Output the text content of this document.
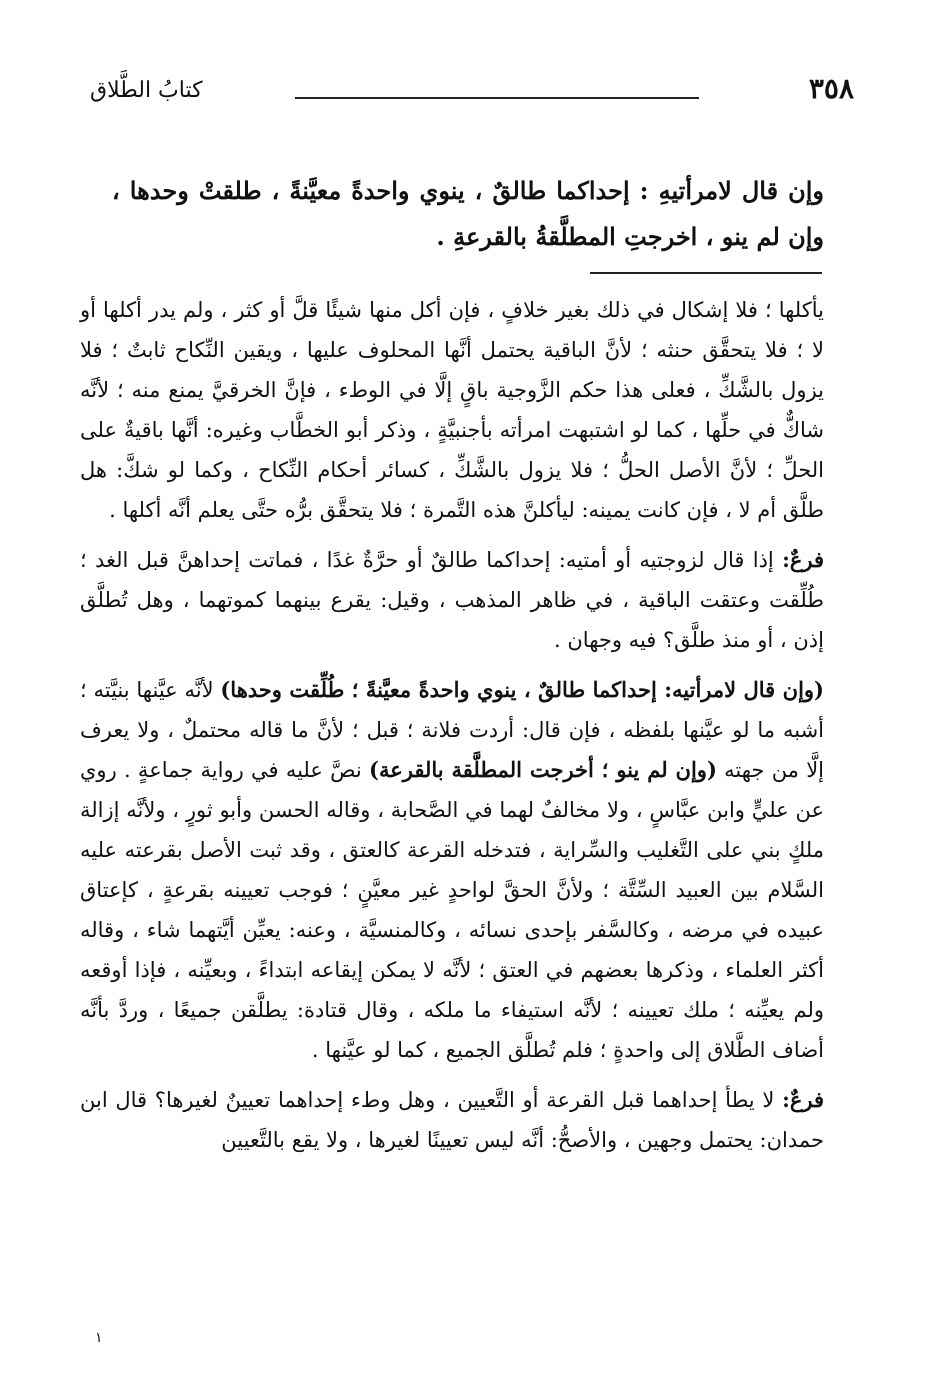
٣٥٨
كتابُ الطَّلاق
وإن قال لامرأتيهِ : إحداكما طالقٌ ، ينوي واحدةً معيَّنةً ، طلقتْ وحدها ، وإن لم ينو ، اخرجتِ المطلَّقةُ بالقرعةِ .

يأكلها ؛ فلا إشكال في ذلك بغير خلافٍ ، فإن أكل منها شيئًا قلَّ أو كثر ، ولم يدر أكلها أو لا ؛ فلا يتحقَّق حنثه ؛ لأنَّ الباقية يحتمل أنَّها المحلوف عليها ، ويقين النِّكاح ثابتٌ ؛ فلا يزول بالشَّكِّ ، فعلى هذا حكم الزَّوجية باقٍ إلَّا في الوطء ، فإنَّ الخرقيَّ يمنع منه ؛ لأنَّه شاكٌّ في حلِّها ، كما لو اشتبهت امرأته بأجنبيَّةٍ ، وذكر أبو الخطَّاب وغيره: أنَّها باقيةٌ على الحلِّ ؛ لأنَّ الأصل الحلُّ ؛ فلا يزول بالشَّكِّ ، كسائر أحكام النِّكاح ، وكما لو شكَّ: هل طلَّق أم لا ، فإن كانت يمينه: ليأكلنَّ هذه التَّمرة ؛ فلا يتحقَّق برُّه حتَّى يعلم أنَّه أكلها .

فرعٌ: إذا قال لزوجتيه أو أمتيه: إحداكما طالقٌ أو حرَّةٌ غدًا ، فماتت إحداهنَّ قبل الغد ؛ طُلِّقت وعتقت الباقية ، في ظاهر المذهب ، وقيل: يقرع بينهما كموتهما ، وهل تُطلَّق إذن ، أو منذ طلَّق؟ فيه وجهان .

(وإن قال لامرأتيه: إحداكما طالقٌ ، ينوي واحدةً معيَّنةً ؛ طُلِّقت وحدها) لأنَّه عيَّنها بنيَّته ؛ أشبه ما لو عيَّنها بلفظه ، فإن قال: أردت فلانة ؛ قبل ؛ لأنَّ ما قاله محتملٌ ، ولا يعرف إلَّا من جهته (وإن لم ينو ؛ أخرجت المطلَّقة بالقرعة) نصَّ عليه في رواية جماعةٍ . روي عن عليٍّ وابن عبَّاسٍ ، ولا مخالفٌ لهما في الصَّحابة ، وقاله الحسن وأبو ثورٍ ، ولأنَّه إزالة ملكٍ بني على التَّغليب والسِّراية ، فتدخله القرعة كالعتق ، وقد ثبت الأصل بقرعته عليه السَّلام بين العبيد السِّتَّة ؛ ولأنَّ الحقَّ لواحدٍ غير معيَّنٍ ؛ فوجب تعيينه بقرعةٍ ، كإعتاق عبيده في مرضه ، وكالسَّفر بإحدى نسائه ، وكالمنسيَّة ، وعنه: يعيِّن أيَّتهما شاء ، وقاله أكثر العلماء ، وذكرها بعضهم في العتق ؛ لأنَّه لا يمكن إيقاعه ابتداءً ، وبعيِّنه ، فإذا أوقعه ولم يعيِّنه ؛ ملك تعيينه ؛ لأنَّه استيفاء ما ملكه ، وقال قتادة: يطلَّقن جميعًا ، وردَّ بأنَّه أضاف الطَّلاق إلى واحدةٍ ؛ فلم تُطلَّق الجميع ، كما لو عيَّنها .

فرعٌ: لا يطأ إحداهما قبل القرعة أو التَّعيين ، وهل وطء إحداهما تعيينٌ لغيرها؟ قال ابن حمدان: يحتمل وجهين ، والأصحُّ: أنَّه ليس تعيينًا لغيرها ، ولا يقع بالتَّعيين

١
